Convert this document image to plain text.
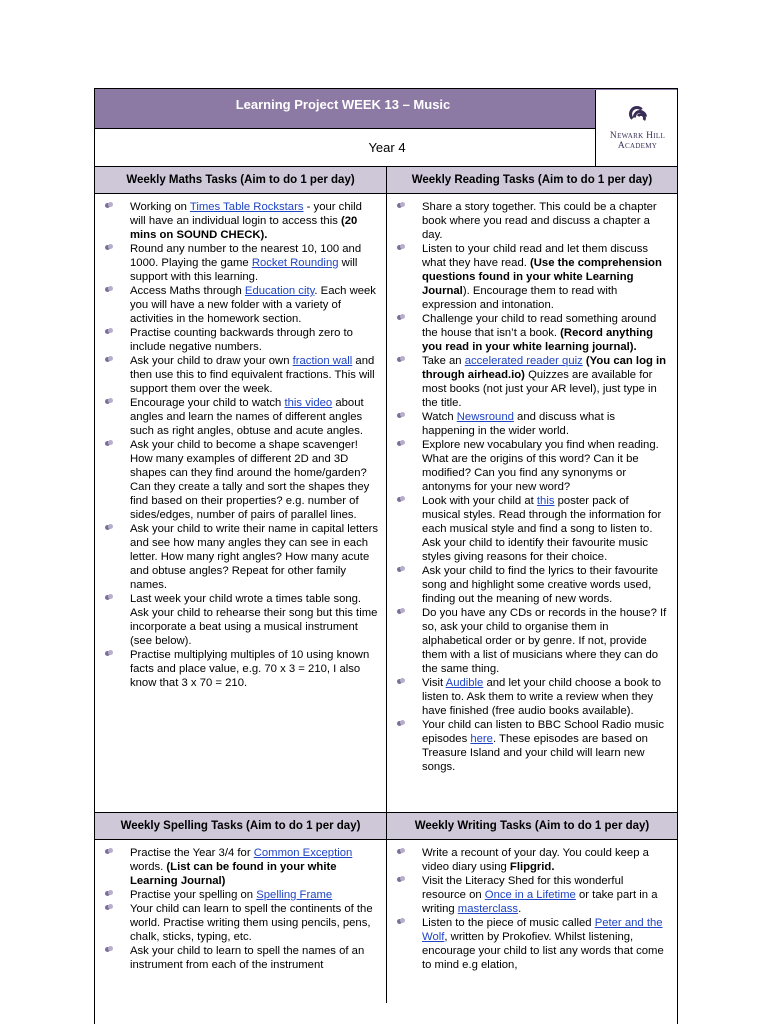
Learning Project WEEK 13 – Music
Year 4
Newark Hill
Academy
Weekly Maths Tasks (Aim to do 1 per day)
Working on Times Table Rockstars - your child will have an individual login to access this (20 mins on SOUND CHECK).
Round any number to the nearest 10, 100 and 1000. Playing the game Rocket Rounding will support with this learning.
Access Maths through Education city. Each week you will have a new folder with a variety of activities in the homework section.
Practise counting backwards through zero to include negative numbers.
Ask your child to draw your own fraction wall and then use this to find equivalent fractions. This will support them over the week.
Encourage your child to watch this video about angles and learn the names of different angles such as right angles, obtuse and acute angles.
Ask your child to become a shape scavenger! How many examples of different 2D and 3D shapes can they find around the home/garden? Can they create a tally and sort the shapes they find based on their properties? e.g. number of sides/edges, number of pairs of parallel lines.
Ask your child to write their name in capital letters and see how many angles they can see in each letter. How many right angles? How many acute and obtuse angles? Repeat for other family names.
Last week your child wrote a times table song. Ask your child to rehearse their song but this time incorporate a beat using a musical instrument (see below).
Practise multiplying multiples of 10 using known facts and place value, e.g. 70 x 3 = 210, I also know that 3 x 70 = 210.
Weekly Reading Tasks (Aim to do 1 per day)
Share a story together. This could be a chapter book where you read and discuss a chapter a day.
Listen to your child read and let them discuss what they have read. (Use the comprehension questions found in your white Learning Journal). Encourage them to read with expression and intonation.
Challenge your child to read something around the house that isn’t a book. (Record anything you read in your white learning journal).
Take an accelerated reader quiz (You can log in through airhead.io) Quizzes are available for most books (not just your AR level), just type in the title.
Watch Newsround and discuss what is happening in the wider world.
Explore new vocabulary you find when reading. What are the origins of this word? Can it be modified? Can you find any synonyms or antonyms for your new word?
Look with your child at this poster pack of musical styles. Read through the information for each musical style and find a song to listen to. Ask your child to identify their favourite music styles giving reasons for their choice.
Ask your child to find the lyrics to their favourite song and highlight some creative words used, finding out the meaning of new words.
Do you have any CDs or records in the house? If so, ask your child to organise them in alphabetical order or by genre. If not, provide them with a list of musicians where they can do the same thing.
Visit Audible and let your child choose a book to listen to. Ask them to write a review when they have finished (free audio books available).
Your child can listen to BBC School Radio music episodes here. These episodes are based on Treasure Island and your child will learn new songs.
Weekly Spelling Tasks (Aim to do 1 per day)
Practise the Year 3/4 for Common Exception words. (List can be found in your white Learning Journal)
Practise your spelling on Spelling Frame
Your child can learn to spell the continents of the world. Practise writing them using pencils, pens, chalk, sticks, typing, etc.
Ask your child to learn to spell the names of an instrument from each of the instrument
Weekly Writing Tasks (Aim to do 1 per day)
Write a recount of your day. You could keep a video diary using Flipgrid.
Visit the Literacy Shed for this wonderful resource on Once in a Lifetime or take part in a writing masterclass.
Listen to the piece of music called Peter and the Wolf, written by Prokofiev. Whilst listening, encourage your child to list any words that come to mind e.g elation,
